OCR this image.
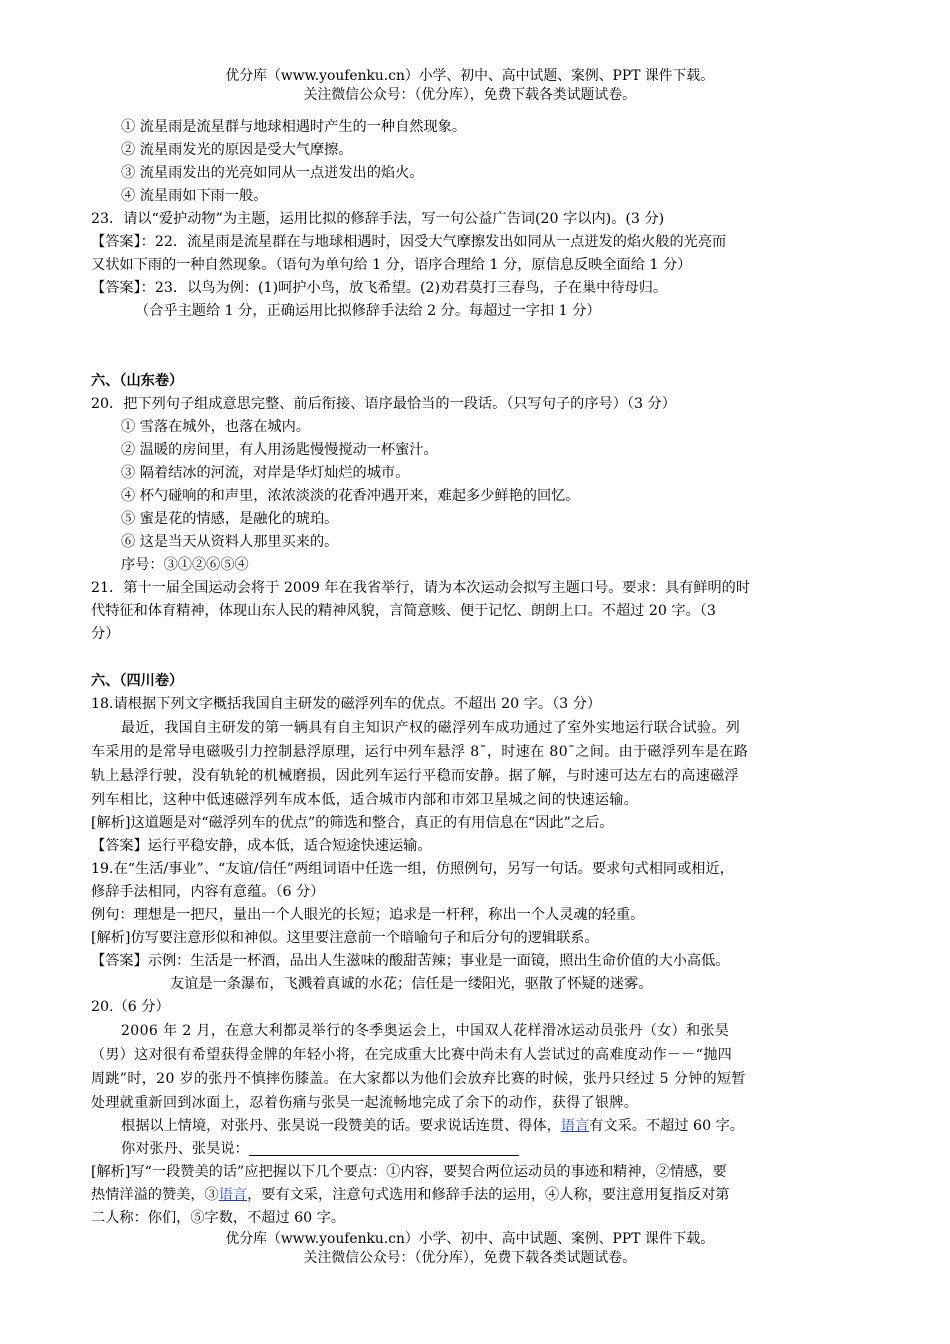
优分库（www.youfenku.cn）小学、初中、高中试题、案例、PPT 课件下载。
关注微信公众号：（优分库），免费下载各类试题试卷。
① 流星雨是流星群与地球相遇时产生的一种自然现象。
② 流星雨发光的原因是受大气摩擦。
③ 流星雨发出的光亮如同从一点迸发出的焰火。
④ 流星雨如下雨一般。
23．请以“爱护动物”为主题，运用比拟的修辞手法，写一句公益广告词(20 字以内)。(3 分)
【答案】：22．流星雨是流星群在与地球相遇时，因受大气摩擦发出如同从一点迸发的焰火般的光亮而
又状如下雨的一种自然现象。（语句为单句给 1 分，语序合理给 1 分，原信息反映全面给 1 分）
【答案】：23．以鸟为例：(1)呵护小鸟，放飞希望。(2)劝君莫打三春鸟，子在巢中待母归。
（合乎主题给 1 分，正确运用比拟修辞手法给 2 分。每超过一字扣 1 分）
六、（山东卷）
20．把下列句子组成意思完整、前后衔接、语序最恰当的一段话。（只写句子的序号）（3 分）
① 雪落在城外，也落在城内。
② 温暖的房间里，有人用汤匙慢慢搅动一杯蜜汁。
③ 隔着结冰的河流，对岸是华灯灿烂的城市。
④ 杯勺碰响的和声里，浓浓淡淡的花香冲遇开来，难起多少鲜艳的回忆。
⑤ 蜜是花的情感，是融化的琥珀。
⑥ 这是当天从资料人那里买来的。
序号：③①②⑥⑤④
21．第十一届全国运动会将于 2009 年在我省举行，请为本次运动会拟写主题口号。要求：具有鲜明的时
代特征和体育精神，体现山东人民的精神风貌，言简意赅、便于记忆、朗朗上口。不超过 20 字。（3
分）
六、（四川卷）
18.请根据下列文字概括我国自主研发的磁浮列车的优点。不超出 20 字。（3 分）
最近，我国自主研发的第一辆具有自主知识产权的磁浮列车成功通过了室外实地运行联合试验。列
车采用的是常导电磁吸引力控制悬浮原理，运行中列车悬浮 8¯，时速在 80¯之间。由于磁浮列车是在路
轨上悬浮行驶，没有轨轮的机械磨损，因此列车运行平稳而安静。据了解，与时速可达左右的高速磁浮
列车相比，这种中低速磁浮列车成本低，适合城市内部和市郊卫星城之间的快速运输。
[解析]这道题是对“磁浮列车的优点”的筛选和整合，真正的有用信息在“因此”之后。
【答案】运行平稳安静，成本低，适合短途快速运输。
19.在“生活/事业”、“友谊/信任”两组词语中任选一组，仿照例句，另写一句话。要求句式相同或相近，
修辞手法相同，内容有意蕴。（6 分）
例句：理想是一把尺，量出一个人眼光的长短；追求是一杆秤，称出一个人灵魂的轻重。
[解析]仿写要注意形似和神似。这里要注意前一个暗喻句子和后分句的逻辑联系。
【答案】示例：生活是一杯酒，品出人生滋味的酸甜苦辣；事业是一面镜，照出生命价值的大小高低。
友谊是一条瀑布，飞溅着真诚的水花；信任是一缕阳光，驱散了怀疑的迷雾。
20.（6 分）
2006 年 2 月，在意大利都灵举行的冬季奥运会上，中国双人花样滑冰运动员张丹（女）和张昊
（男）这对很有希望获得金牌的年轻小将，在完成重大比赛中尚未有人尝试过的高难度动作－－“抛四
周跳”时，20 岁的张丹不慎摔伤膝盖。在大家都以为他们会放弃比赛的时候，张丹只经过 5 分钟的短暂
处理就重新回到冰面上，忍着伤痛与张昊一起流畅地完成了余下的动作，获得了银牌。
根据以上情境，对张丹、张昊说一段赞美的话。要求说话连贯、得体，语言有文采。不超过 60 字。
你对张丹、张昊说：
[解析]写“一段赞美的话”应把握以下几个要点：①内容，要契合两位运动员的事迹和精神，②情感，要
热情洋溢的赞美，③语言，要有文采，注意句式选用和修辞手法的运用，④人称，要注意用复指反对第
二人称：你们，⑤字数，不超过 60 字。
优分库（www.youfenku.cn）小学、初中、高中试题、案例、PPT 课件下载。
关注微信公众号：（优分库），免费下载各类试题试卷。
